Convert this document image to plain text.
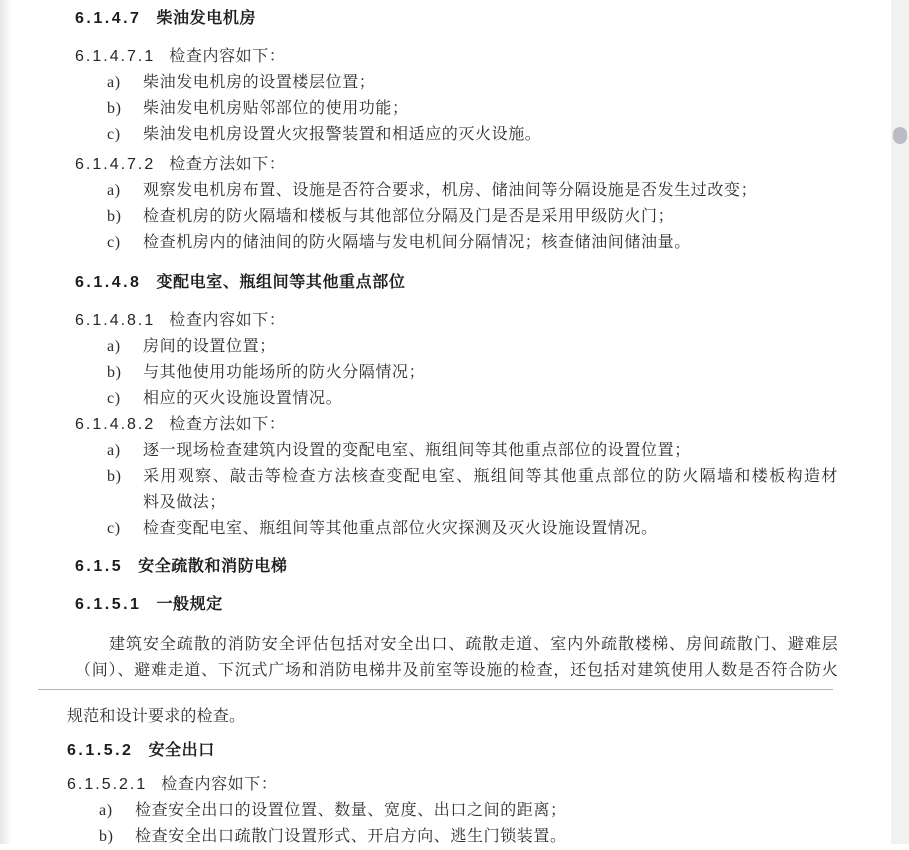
6.1.4.7 柴油发电机房
6.1.4.7.1 检查内容如下：
a)	柴油发电机房的设置楼层位置；
b)	柴油发电机房贴邻部位的使用功能；
c)	柴油发电机房设置火灾报警装置和相适应的灭火设施。
6.1.4.7.2 检查方法如下：
a)	观察发电机房布置、设施是否符合要求，机房、储油间等分隔设施是否发生过改变；
b)	检查机房的防火隔墙和楼板与其他部位分隔及门是否是采用甲级防火门；
c)	检查机房内的储油间的防火隔墙与发电机间分隔情况；核查储油间储油量。
6.1.4.8 变配电室、瓶组间等其他重点部位
6.1.4.8.1 检查内容如下：
a)	房间的设置位置；
b)	与其他使用功能场所的防火分隔情况；
c)	相应的灭火设施设置情况。
6.1.4.8.2 检查方法如下：
a)	逐一现场检查建筑内设置的变配电室、瓶组间等其他重点部位的设置位置；
b)	采用观察、敲击等检查方法核查变配电室、瓶组间等其他重点部位的防火隔墙和楼板构造材
料及做法；
c)	检查变配电室、瓶组间等其他重点部位火灾探测及灭火设施设置情况。
6.1.5 安全疏散和消防电梯
6.1.5.1 一般规定
建筑安全疏散的消防安全评估包括对安全出口、疏散走道、室内外疏散楼梯、房间疏散门、避难层
（间）、避难走道、下沉式广场和消防电梯井及前室等设施的检查，还包括对建筑使用人数是否符合防火
规范和设计要求的检查。
6.1.5.2 安全出口
6.1.5.2.1 检查内容如下：
a)	检查安全出口的设置位置、数量、宽度、出口之间的距离；
b)	检查安全出口疏散门设置形式、开启方向、逃生门锁装置。
